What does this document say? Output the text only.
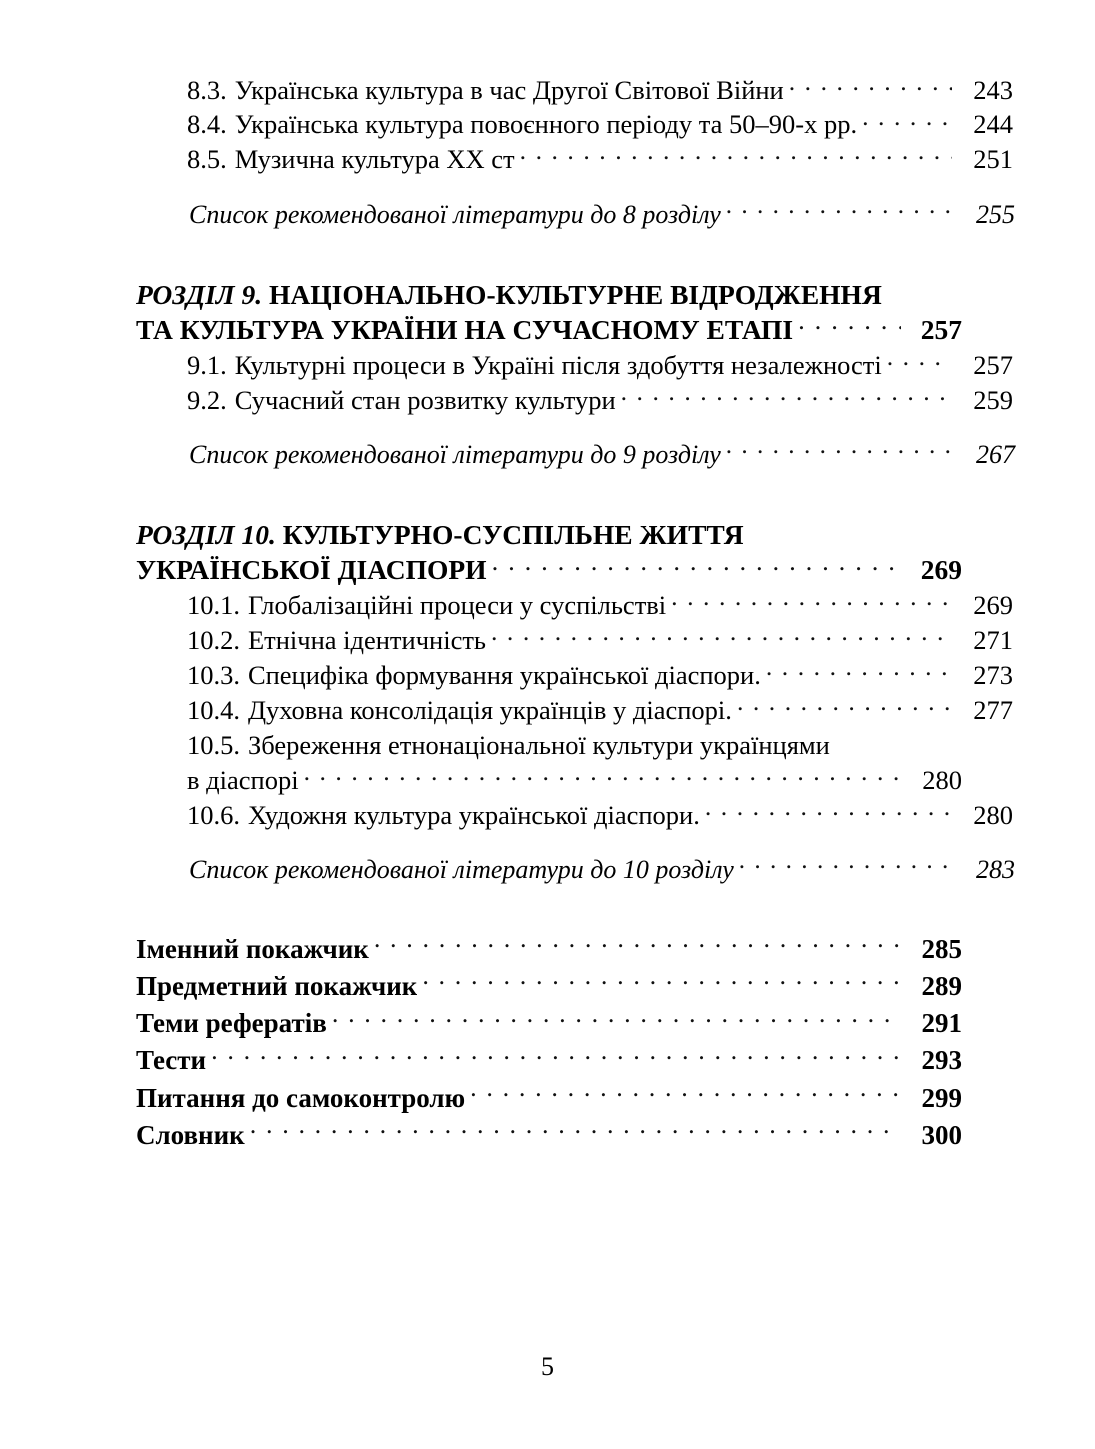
8.3. Українська культура в час Другої Світової Війни . . .	243
8.4. Українська культура повоєнного періоду та 50–90-х рр. . . .	244
8.5. Музична культура ХХ ст . . .	251
Список рекомендованої літератури до 8 розділу . . .	255
РОЗДІЛ 9. НАЦІОНАЛЬНО-КУЛЬТУРНЕ ВІДРОДЖЕННЯ
ТА КУЛЬТУРА УКРАЇНИ НА СУЧАСНОМУ ЕТАПІ . . .	257
9.1. Культурні процеси в Україні після здобуття незалежності . . .	257
9.2. Сучасний стан розвитку культури . . .	259
Список рекомендованої літератури до 9 розділу . . .	267
РОЗДІЛ 10. КУЛЬТУРНО-СУСПІЛЬНЕ ЖИТТЯ
УКРАЇНСЬКОЇ ДІАСПОРИ . . .	269
10.1. Глобалізаційні процеси у суспільстві . . .	269
10.2. Етнічна ідентичність . . .	271
10.3. Специфіка формування української діаспори. . . .	273
10.4. Духовна консолідація українців у діаспорі. . . .	277
10.5. Збереження етнонаціональної культури українцями
в діаспорі . . .	280
10.6. Художня культура української діаспори. . . .	280
Список рекомендованої літератури до 10 розділу . . .	283
Іменний покажчик . . .	285
Предметний покажчик . . .	289
Теми рефератів . . .	291
Тести . . .	293
Питання до самоконтролю . . .	299
Словник . . .	300
5
